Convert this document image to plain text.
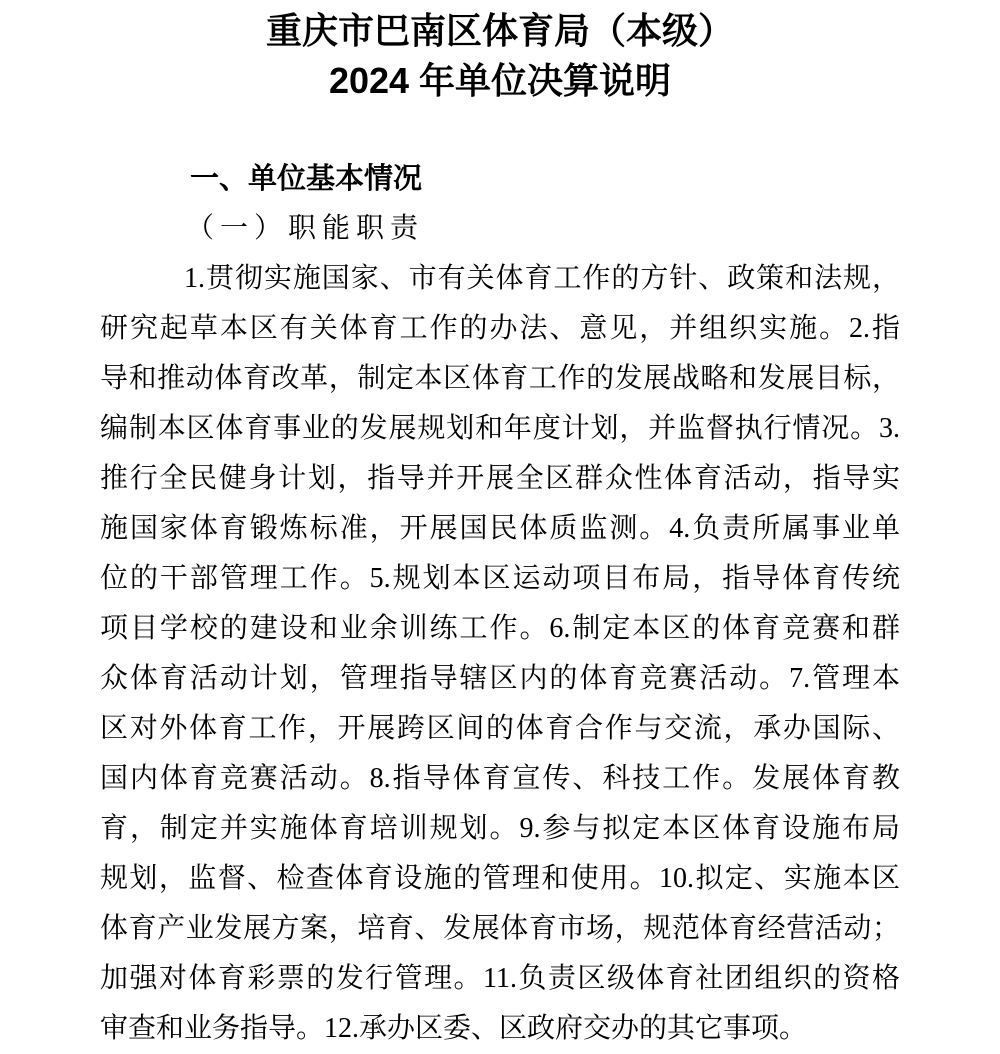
重庆市巴南区体育局（本级）
2024 年单位决算说明
一、单位基本情况
（一）职能职责
1.贯彻实施国家、市有关体育工作的方针、政策和法规，
研究起草本区有关体育工作的办法、意见，并组织实施。2.指
导和推动体育改革，制定本区体育工作的发展战略和发展目标，
编制本区体育事业的发展规划和年度计划，并监督执行情况。3.
推行全民健身计划，指导并开展全区群众性体育活动，指导实
施国家体育锻炼标准，开展国民体质监测。4.负责所属事业单
位的干部管理工作。5.规划本区运动项目布局，指导体育传统
项目学校的建设和业余训练工作。6.制定本区的体育竞赛和群
众体育活动计划，管理指导辖区内的体育竞赛活动。7.管理本
区对外体育工作，开展跨区间的体育合作与交流，承办国际、
国内体育竞赛活动。8.指导体育宣传、科技工作。发展体育教
育，制定并实施体育培训规划。9.参与拟定本区体育设施布局
规划，监督、检查体育设施的管理和使用。10.拟定、实施本区
体育产业发展方案，培育、发展体育市场，规范体育经营活动；
加强对体育彩票的发行管理。11.负责区级体育社团组织的资格
审查和业务指导。12.承办区委、区政府交办的其它事项。
